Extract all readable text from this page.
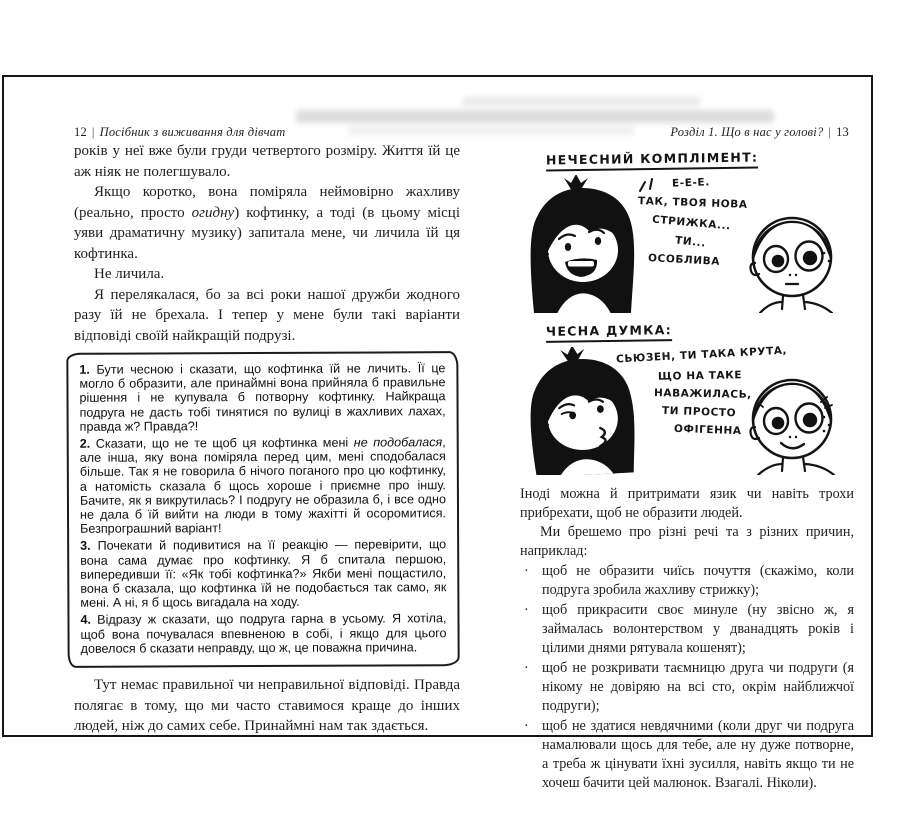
12 | Посібник з виживання для дівчат

років у неї вже були груди четвертого розміру. Життя їй це аж ніяк не полегшувало.

Якщо коротко, вона поміряла неймовірно жахливу (реально, просто огидну) кофтинку, а тоді (в цьому місці уяви драматичну музику) запитала мене, чи личила їй ця кофтинка.

Не личила.

Я перелякалася, бо за всі роки нашої дружби жодного разу їй не брехала. І тепер у мене були такі варіанти відповіді своїй найкращій подрузі.

1. Бути чесною і сказати, що кофтинка їй не личить. Її це могло б образити, але принаймні вона прийняла б правильне рішення і не купувала б потворну кофтинку. Найкраща подруга не дасть тобі тинятися по вулиці в жахливих лахах, правда ж? Правда?!

2. Сказати, що не те щоб ця кофтинка мені не подобалася, але інша, яку вона поміряла перед цим, мені сподобалася більше. Так я не говорила б нічого поганого про цю кофтинку, а натомість сказала б щось хороше і приємне про іншу. Бачите, як я викрутилась? І подругу не образила б, і все одно не дала б їй вийти на люди в тому жахітті й осоромитися. Безпрограшний варіант!

3. Почекати й подивитися на її реакцію — перевірити, що вона сама думає про кофтинку. Я б спитала першою, випередивши її: «Як тобі кофтинка?» Якби мені пощастило, вона б сказала, що кофтинка їй не подобається так само, як мені. А ні, я б щось вигадала на ходу.

4. Відразу ж сказати, що подруга гарна в усьому. Я хотіла, щоб вона почувалася впевненою в собі, і якщо для цього довелося б сказати неправду, що ж, це поважна причина.

Тут немає правильної чи неправильної відповіді. Правда полягає в тому, що ми часто ставимося краще до інших людей, ніж до самих себе. Принаймні нам так здається.

Розділ 1. Що в нас у голові? | 13
НЕЧЕСНИЙ КОМПЛІМЕНТ:
Е-Е-Е.
ТАК, ТВОЯ НОВА
СТРИЖКА...
ТИ...
ОСОБЛИВА
ЧЕСНА ДУМКА:
СЬЮЗЕН, ТИ ТАКА КРУТА,
ЩО НА ТАКЕ
НАВАЖИЛАСЬ,
ТИ ПРОСТО
ОФІГЕННА

Іноді можна й притримати язик чи навіть трохи прибрехати, щоб не образити людей.

Ми брешемо про різні речі та з різних причин, наприклад:

· щоб не образити чиїсь почуття (скажімо, коли подруга зробила жахливу стрижку);
· щоб прикрасити своє минуле (ну звісно ж, я займалась волонтерством у дванадцять років і цілими днями рятувала кошенят);
· щоб не розкривати таємницю друга чи подруги (я нікому не довіряю на всі сто, окрім найближчої подруги);
· щоб не здатися невдячними (коли друг чи подруга намалювали щось для тебе, але ну дуже потворне, а треба ж цінувати їхні зусилля, навіть якщо ти не хочеш бачити цей малюнок. Взагалі. Ніколи).
